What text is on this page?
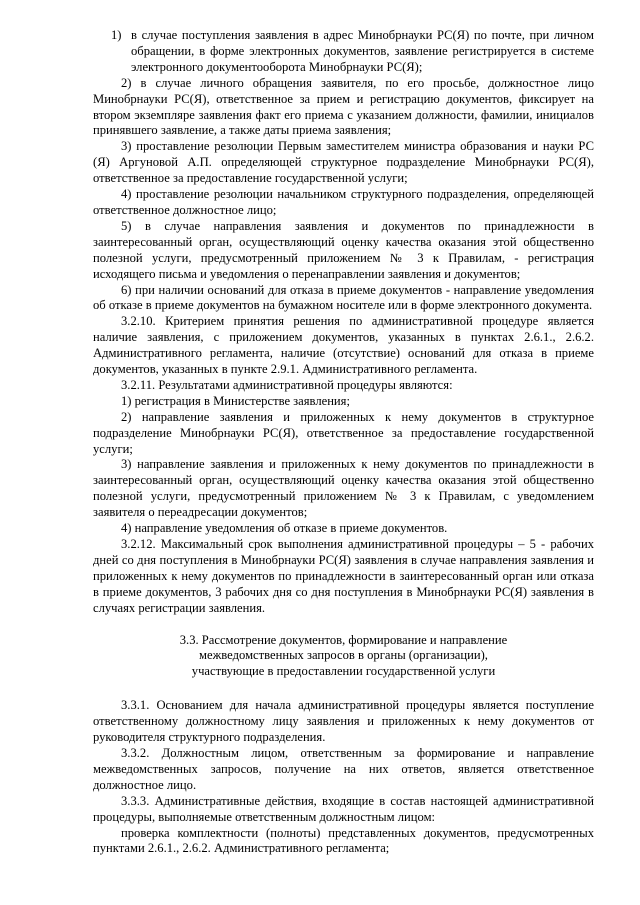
1) в случае поступления заявления в адрес Минобрнауки РС(Я) по почте, при личном обращении, в форме электронных документов, заявление регистрируется в системе электронного документооборота Минобрнауки РС(Я);

2) в случае личного обращения заявителя, по его просьбе, должностное лицо Минобрнауки РС(Я), ответственное за прием и регистрацию документов, фиксирует на втором экземпляре заявления факт его приема с указанием должности, фамилии, инициалов принявшего заявление, а также даты приема заявления;

3) проставление резолюции Первым заместителем министра образования и науки РС (Я) Аргуновой А.П. определяющей структурное подразделение Минобрнауки РС(Я), ответственное за предоставление государственной услуги;

4) проставление резолюции начальником структурного подразделения, определяющей ответственное должностное лицо;

5) в случае направления заявления и документов по принадлежности в заинтересованный орган, осуществляющий оценку качества оказания этой общественно полезной услуги, предусмотренный приложением № 3 к Правилам, - регистрация исходящего письма и уведомления о перенаправлении заявления и документов;

6) при наличии оснований для отказа в приеме документов - направление уведомления об отказе в приеме документов на бумажном носителе или в форме электронного документа.

3.2.10. Критерием принятия решения по административной процедуре является наличие заявления, с приложением документов, указанных в пунктах 2.6.1., 2.6.2. Административного регламента, наличие (отсутствие) оснований для отказа в приеме документов, указанных в пункте 2.9.1. Административного регламента.

3.2.11. Результатами административной процедуры являются:

1) регистрация в Министерстве заявления;

2) направление заявления и приложенных к нему документов в структурное подразделение Минобрнауки РС(Я), ответственное за предоставление государственной услуги;

3) направление заявления и приложенных к нему документов по принадлежности в заинтересованный орган, осуществляющий оценку качества оказания этой общественно полезной услуги, предусмотренный приложением № 3 к Правилам, с уведомлением заявителя о переадресации документов;

4) направление уведомления об отказе в приеме документов.

3.2.12. Максимальный срок выполнения административной процедуры – 5 - рабочих дней со дня поступления в Минобрнауки РС(Я) заявления в случае направления заявления и приложенных к нему документов по принадлежности в заинтересованный орган или отказа в приеме документов, 3 рабочих дня со дня поступления в Минобрнауки РС(Я) заявления в случаях регистрации заявления.

3.3. Рассмотрение документов, формирование и направление
межведомственных запросов в органы (организации),
участвующие в предоставлении государственной услуги

3.3.1. Основанием для начала административной процедуры является поступление ответственному должностному лицу заявления и приложенных к нему документов от руководителя структурного подразделения.

3.3.2. Должностным лицом, ответственным за формирование и направление межведомственных запросов, получение на них ответов, является ответственное должностное лицо.

3.3.3. Административные действия, входящие в состав настоящей административной процедуры, выполняемые ответственным должностным лицом:

проверка комплектности (полноты) представленных документов, предусмотренных пунктами 2.6.1., 2.6.2. Административного регламента;
